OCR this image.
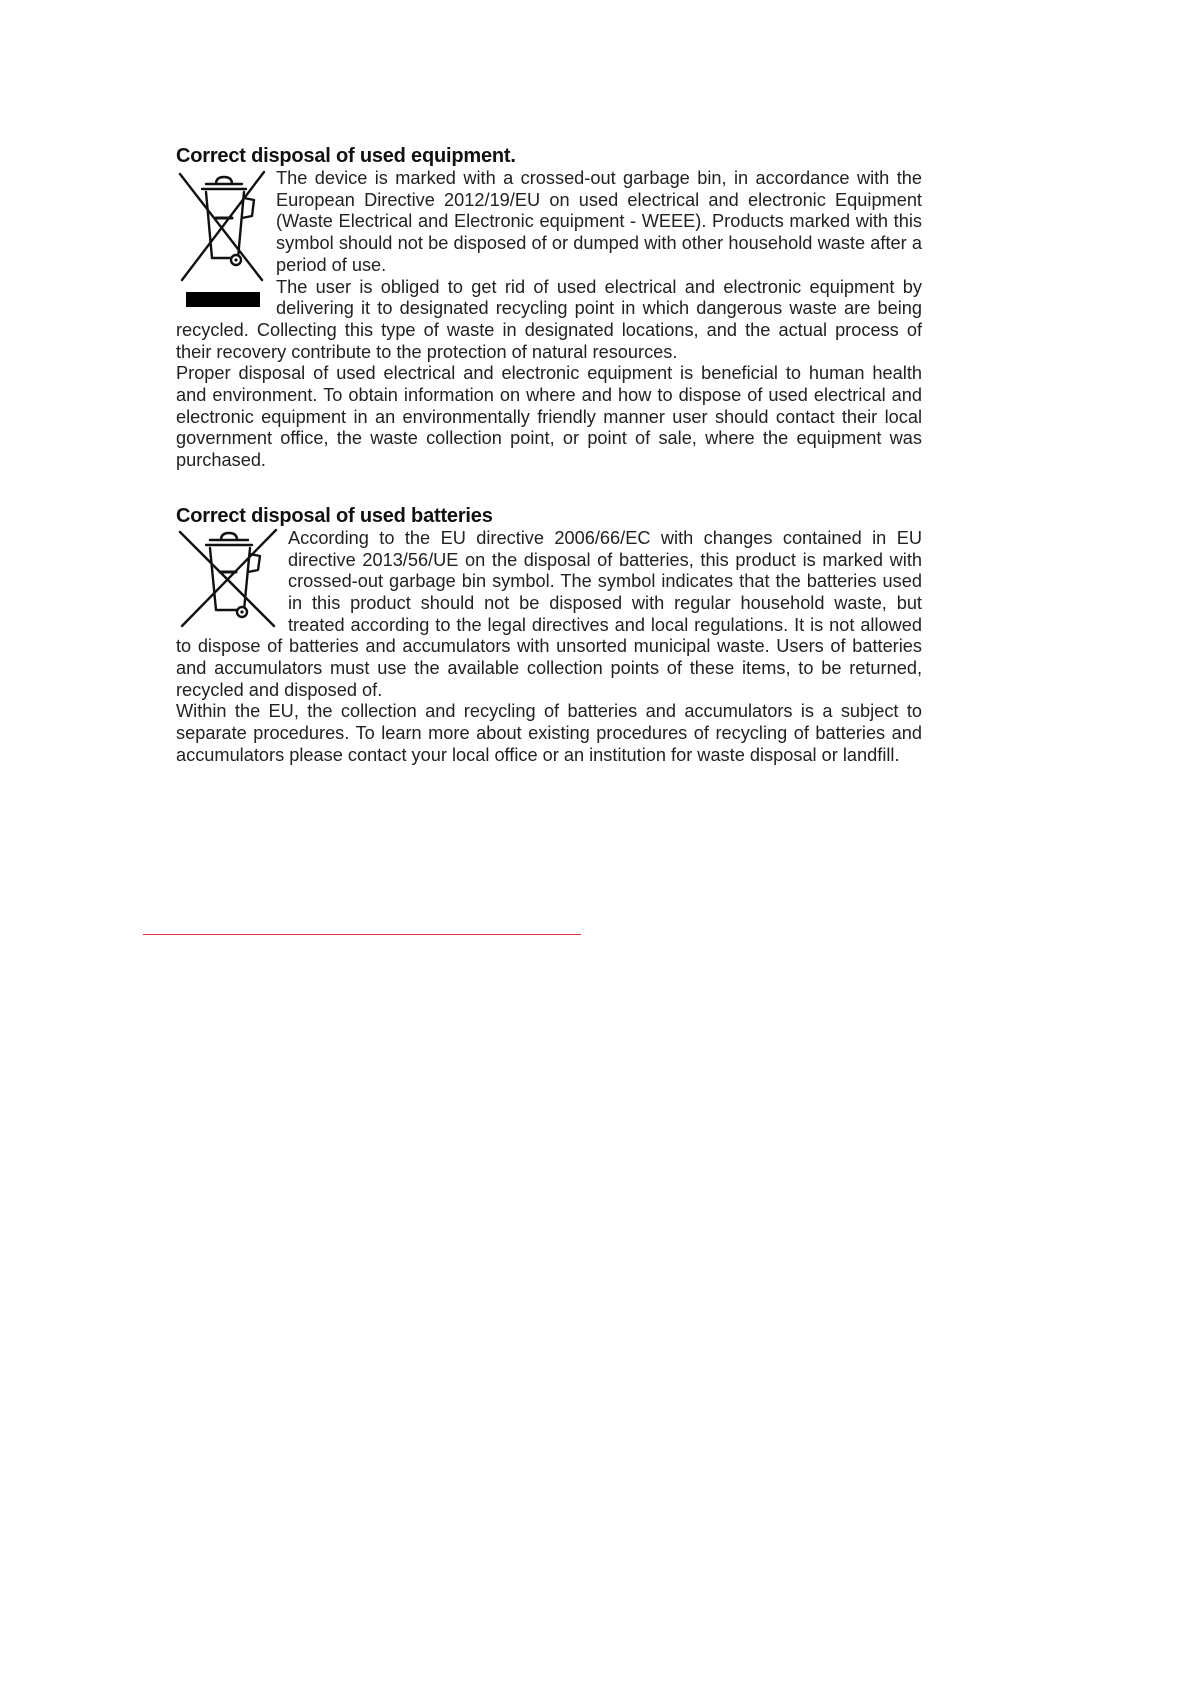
Correct disposal of used equipment.

The device is marked with a crossed-out garbage bin, in accordance with the European Directive 2012/19/EU on used electrical and electronic Equipment (Waste Electrical and Electronic equipment - WEEE). Products marked with this symbol should not be disposed of or dumped with other household waste after a period of use.

The user is obliged to get rid of used electrical and electronic equipment by delivering it to designated recycling point in which dangerous waste are being recycled. Collecting this type of waste in designated locations, and the actual process of their recovery contribute to the protection of natural resources.

Proper disposal of used electrical and electronic equipment is beneficial to human health and environment. To obtain information on where and how to dispose of used electrical and electronic equipment in an environmentally friendly manner user should contact their local government office, the waste collection point, or point of sale, where the equipment was purchased.

Correct disposal of used batteries

According to the EU directive 2006/66/EC with changes contained in EU directive 2013/56/UE on the disposal of batteries, this product is marked with crossed-out garbage bin symbol. The symbol indicates that the batteries used in this product should not be disposed with regular household waste, but treated according to the legal directives and local regulations. It is not allowed to dispose of batteries and accumulators with unsorted municipal waste. Users of batteries and accumulators must use the available collection points of these items, to be returned, recycled and disposed of.

Within the EU, the collection and recycling of batteries and accumulators is a subject to separate procedures. To learn more about existing procedures of recycling of batteries and accumulators please contact your local office or an institution for waste disposal or landfill.
